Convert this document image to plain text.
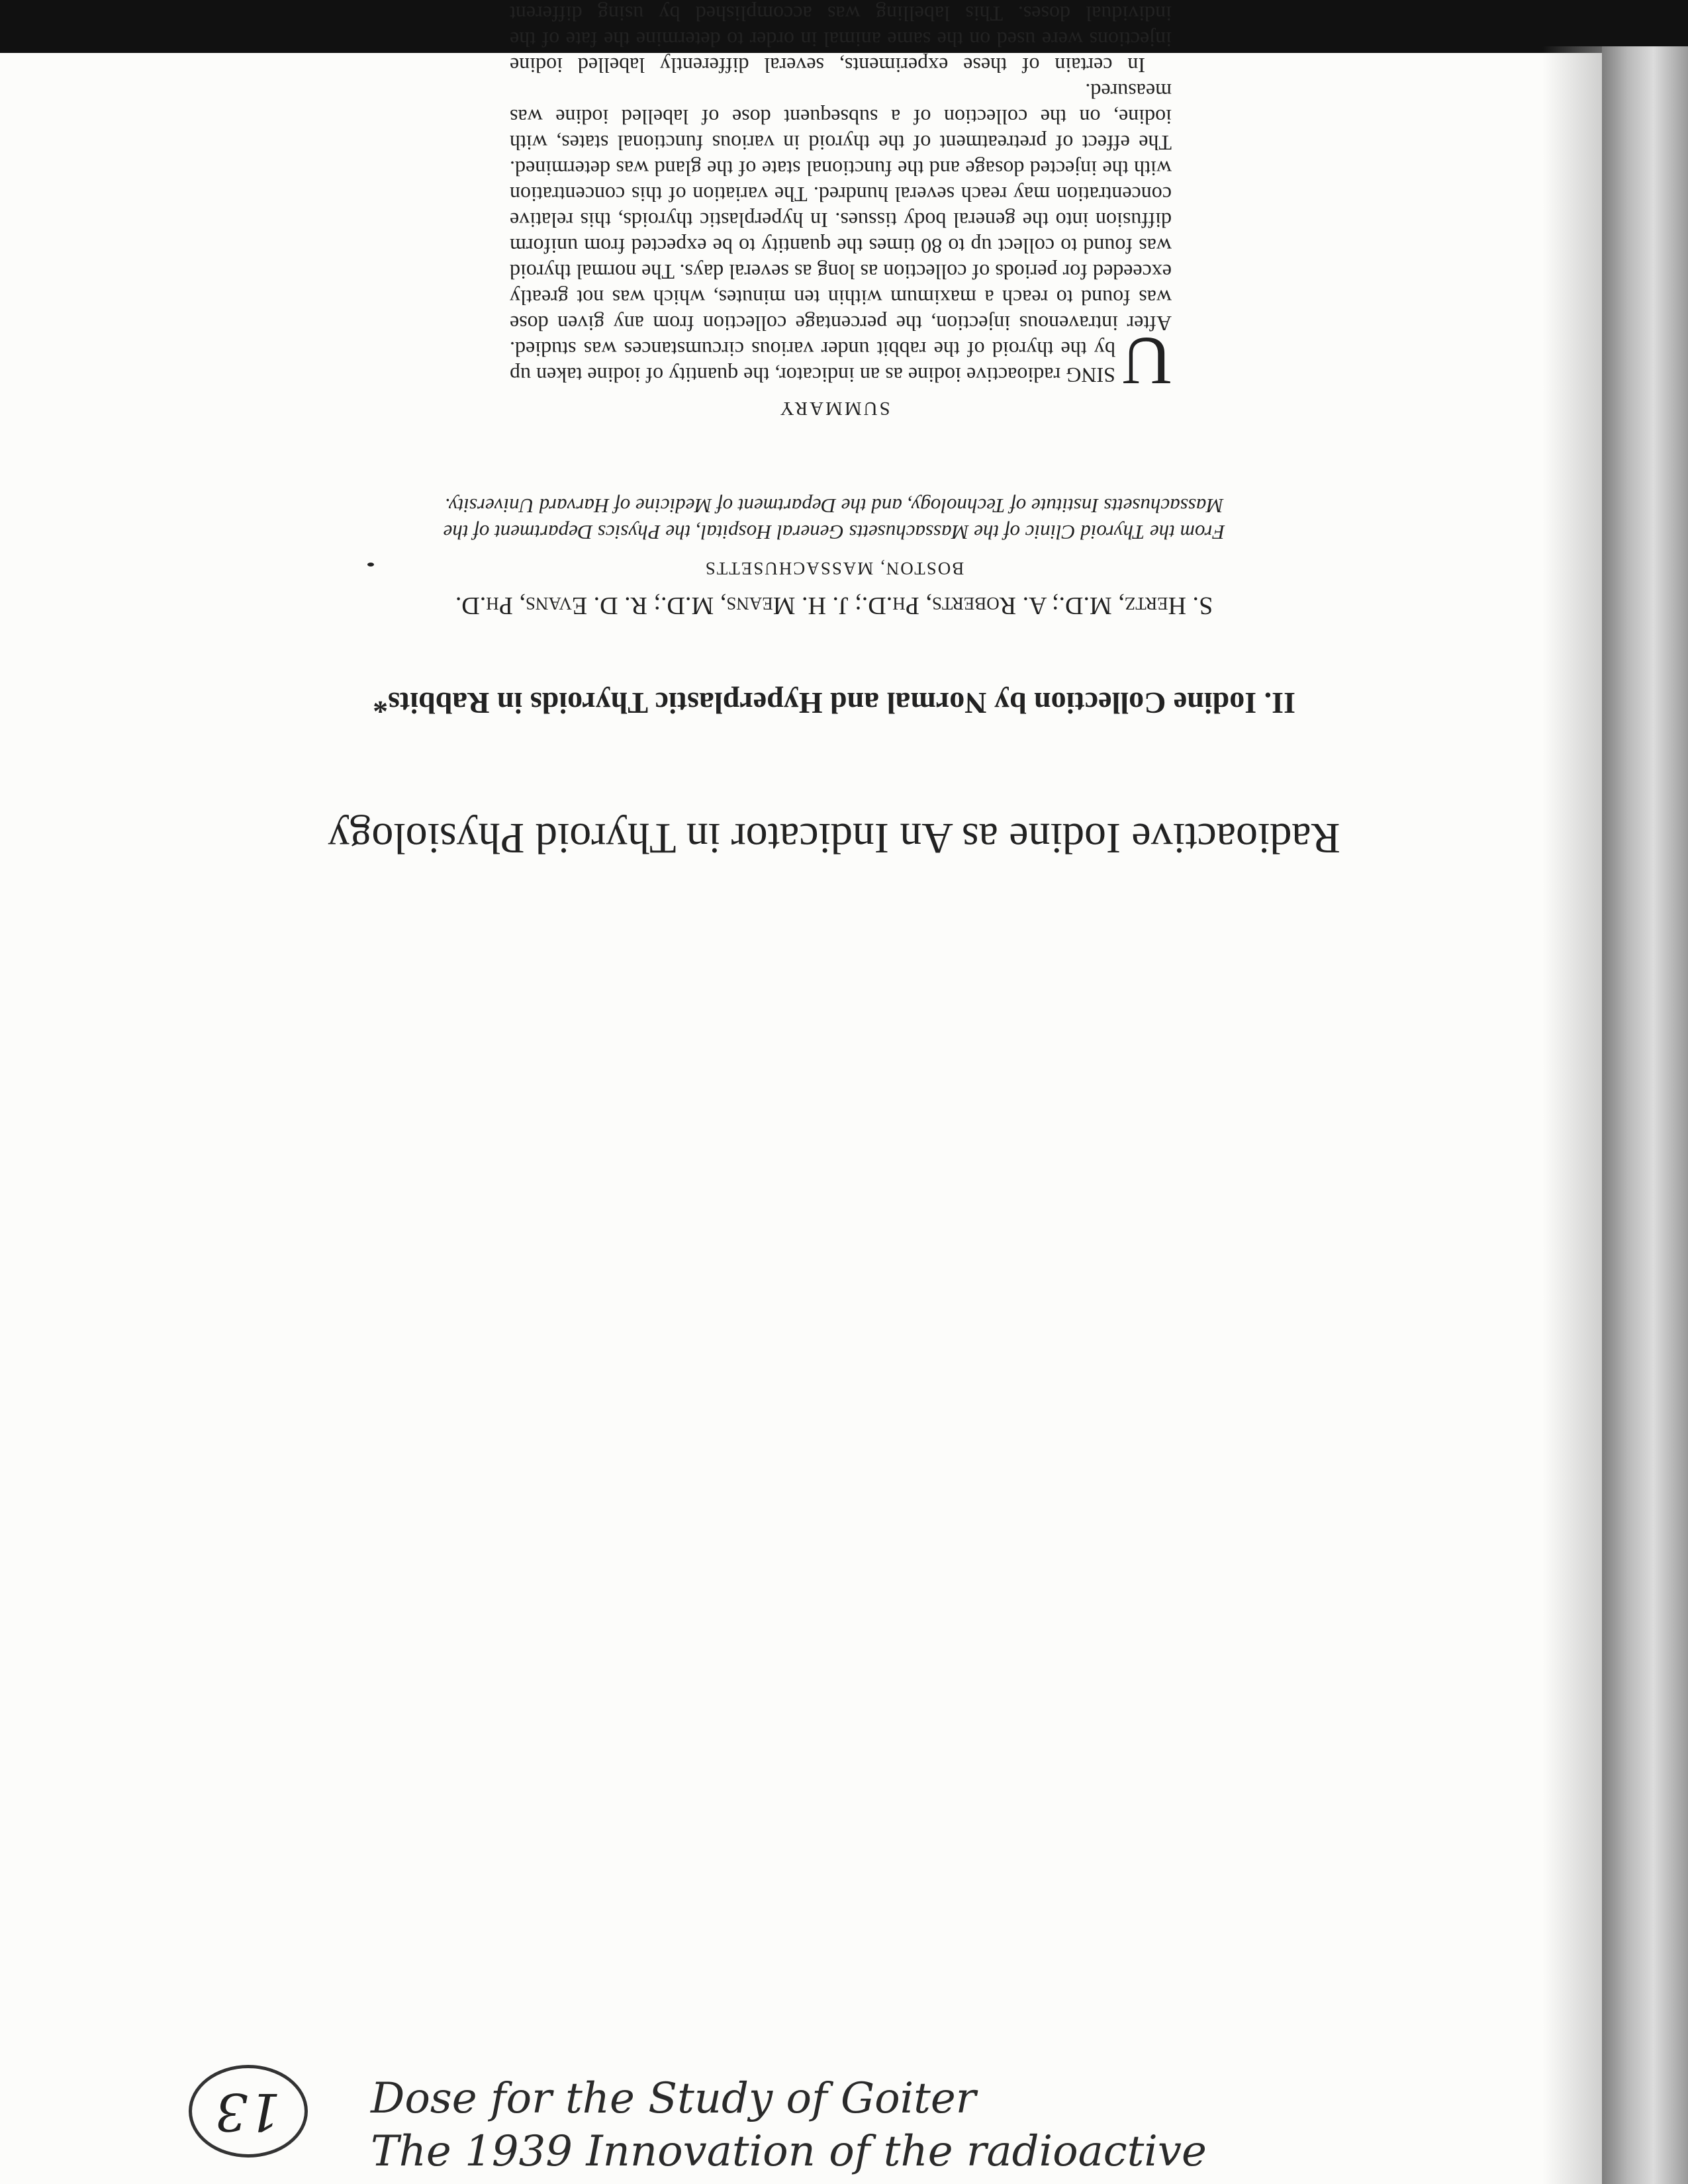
Radioactive Iodine as An Indicator in Thyroid Physiology
II. Iodine Collection by Normal and Hyperplastic Thyroids in Rabbits*

S. Hertz, M.D.; A. Roberts, Ph.D.; J. H. Means, M.D.; R. D. Evans, Ph.D.

BOSTON, MASSACHUSETTS

From the Thyroid Clinic of the Massachusetts General Hospital, the Physics Department of the Massachusetts Institute of Technology, and the Department of Medicine of Harvard University.

SUMMARY

U
SING radioactive iodine as an indicator, the quantity of iodine taken up by the thyroid of the rabbit under various circumstances was studied. After intravenous injection, the percentage collection from any given dose was found to reach a maximum within ten minutes, which was not greatly exceeded for periods of collection as long as several days. The normal thyroid was found to collect up to 80 times the quantity to be expected from uniform diffusion into the general body tissues. In hyperplastic thyroids, this relative concentration may reach several hundred. The variation of this concentration with the injected dosage and the functional state of the gland was determined. The effect of pretreatment of the thyroid in various functional states, with iodine, on the collection of a subsequent dose of labelled iodine was measured.

In certain of these experiments, several differently labelled iodine injections were used on the same animal in order to determine the fate of the individual doses. This labelling was accomplished by using different

The 1939 Innovation of the radioactive

Dose for the Study of Goiter

13
